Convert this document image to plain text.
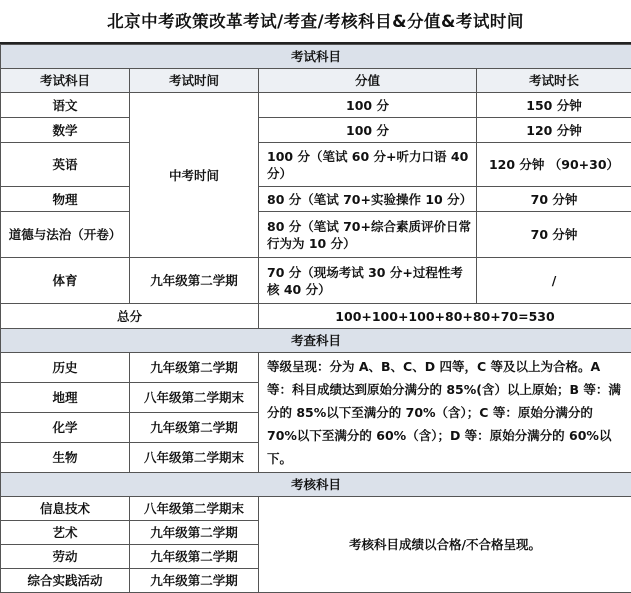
北京中考政策改革考试/考查/考核科目&分值&考试时间
考试科目			
考试科目	考试时间	分值	考试时长
语文	中考时间	100 分	150 分钟
数学		100 分	120 分钟
英语		100 分（笔试 60 分+听力口语 40 分）	120 分钟 （90+30）
物理		80 分（笔试 70+实验操作 10 分）	70 分钟
道德与法治（开卷）		80 分（笔试 70+综合素质评价日常行为为 10 分）	70 分钟
体育	九年级第二学期	70 分（现场考试 30 分+过程性考核 40 分）	/
总分		100+100+100+80+80+70=530	
考查科目			
历史	九年级第二学期	等级呈现：分为 A、B、C、D 四等，C 等及以上为合格。A 等：科目成绩达到原始分满分的 85%(含）以上原始；B 等：满分的 85%以下至满分的 70%（含）；C 等：原始分满分的 70%以下至满分的 60%（含）；D 等：原始分满分的 60%以下。	
地理	八年级第二学期末		
化学	九年级第二学期		
生物	八年级第二学期末		
考核科目			
信息技术	八年级第二学期末	考核科目成绩以合格/不合格呈现。	
艺术	九年级第二学期		
劳动	九年级第二学期		
综合实践活动	九年级第二学期		
